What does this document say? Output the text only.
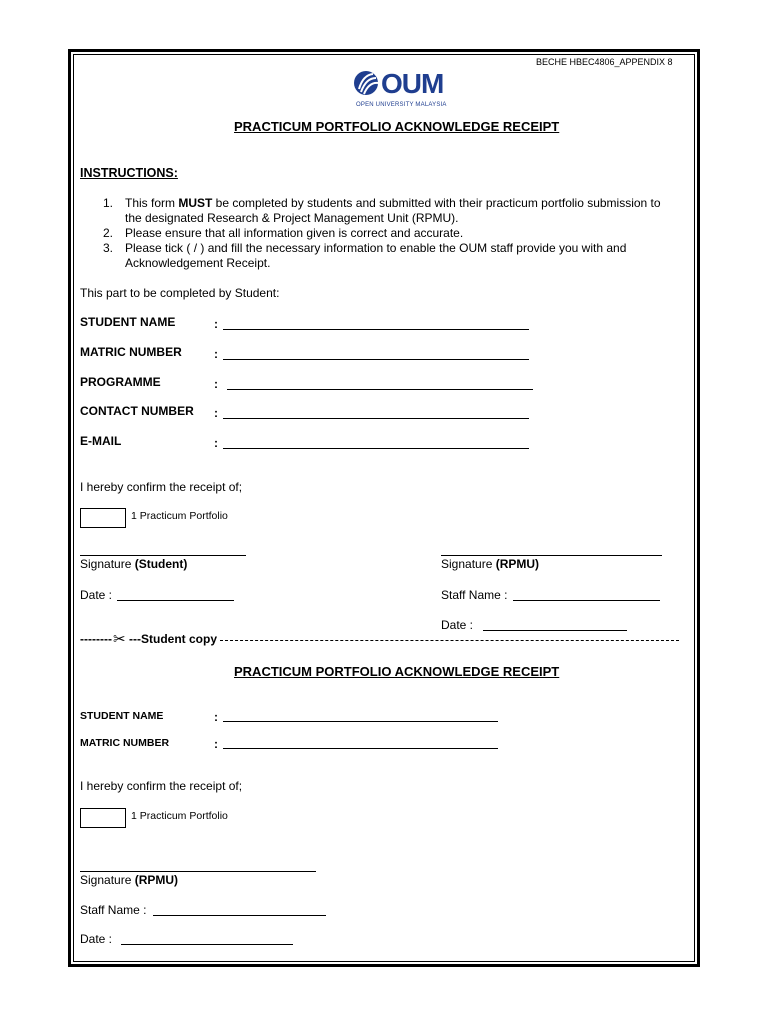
BECHE HBEC4806_APPENDIX 8
OUM
OPEN UNIVERSITY MALAYSIA
PRACTICUM PORTFOLIO ACKNOWLEDGE RECEIPT
INSTRUCTIONS:
1. This form MUST be completed by students and submitted with their practicum portfolio submission to
the designated Research & Project Management Unit (RPMU).
2. Please ensure that all information given is correct and accurate.
3. Please tick ( / ) and fill the necessary information to enable the OUM staff provide you with and
Acknowledgement Receipt.
This part to be completed by Student:
STUDENT NAME	:
MATRIC NUMBER	:
PROGRAMME	:
CONTACT NUMBER :
E-MAIL	:
I hereby confirm the receipt of;
1 Practicum Portfolio
Signature (Student)	Signature (RPMU)
Date :	Staff Name :
Date :
-------- ✂ ---Student copy
PRACTICUM PORTFOLIO ACKNOWLEDGE RECEIPT
STUDENT NAME	:
MATRIC NUMBER	:
I hereby confirm the receipt of;
1 Practicum Portfolio
Signature (RPMU)
Staff Name :
Date :
